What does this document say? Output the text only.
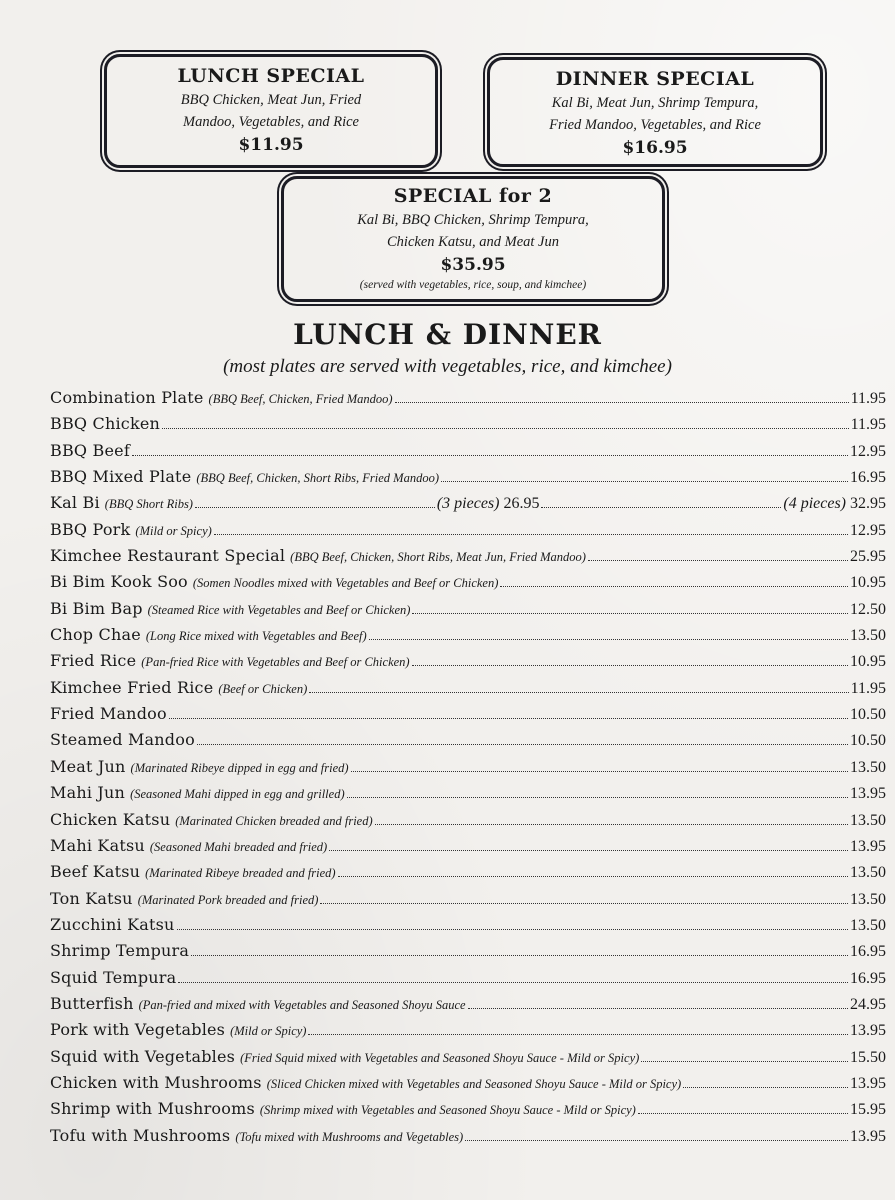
LUNCH SPECIAL
BBQ Chicken, Meat Jun, Fried
Mandoo, Vegetables, and Rice
$11.95
DINNER SPECIAL
Kal Bi, Meat Jun, Shrimp Tempura,
Fried Mandoo, Vegetables, and Rice
$16.95
SPECIAL for 2
Kal Bi, BBQ Chicken, Shrimp Tempura,
Chicken Katsu, and Meat Jun
$35.95
(served with vegetables, rice, soup, and kimchee)
LUNCH & DINNER
(most plates are served with vegetables, rice, and kimchee)
Combination Plate (BBQ Beef, Chicken, Fried Mandoo)	11.95
BBQ Chicken	11.95
BBQ Beef	12.95
BBQ Mixed Plate (BBQ Beef, Chicken, Short Ribs, Fried Mandoo)	16.95
Kal Bi (BBQ Short Ribs)	(3 pieces) 26.95	(4 pieces) 32.95
BBQ Pork (Mild or Spicy)	12.95
Kimchee Restaurant Special (BBQ Beef, Chicken, Short Ribs, Meat Jun, Fried Mandoo)	25.95
Bi Bim Kook Soo (Somen Noodles mixed with Vegetables and Beef or Chicken)	10.95
Bi Bim Bap (Steamed Rice with Vegetables and Beef or Chicken)	12.50
Chop Chae (Long Rice mixed with Vegetables and Beef)	13.50
Fried Rice (Pan-fried Rice with Vegetables and Beef or Chicken)	10.95
Kimchee Fried Rice (Beef or Chicken)	11.95
Fried Mandoo	10.50
Steamed Mandoo	10.50
Meat Jun (Marinated Ribeye dipped in egg and fried)	13.50
Mahi Jun (Seasoned Mahi dipped in egg and grilled)	13.95
Chicken Katsu (Marinated Chicken breaded and fried)	13.50
Mahi Katsu (Seasoned Mahi breaded and fried)	13.95
Beef Katsu (Marinated Ribeye breaded and fried)	13.50
Ton Katsu (Marinated Pork breaded and fried)	13.50
Zucchini Katsu	13.50
Shrimp Tempura	16.95
Squid Tempura	16.95
Butterfish (Pan-fried and mixed with Vegetables and Seasoned Shoyu Sauce	24.95
Pork with Vegetables (Mild or Spicy)	13.95
Squid with Vegetables (Fried Squid mixed with Vegetables and Seasoned Shoyu Sauce - Mild or Spicy)	15.50
Chicken with Mushrooms (Sliced Chicken mixed with Vegetables and Seasoned Shoyu Sauce - Mild or Spicy)	13.95
Shrimp with Mushrooms (Shrimp mixed with Vegetables and Seasoned Shoyu Sauce - Mild or Spicy)	15.95
Tofu with Mushrooms (Tofu mixed with Mushrooms and Vegetables)	13.95
